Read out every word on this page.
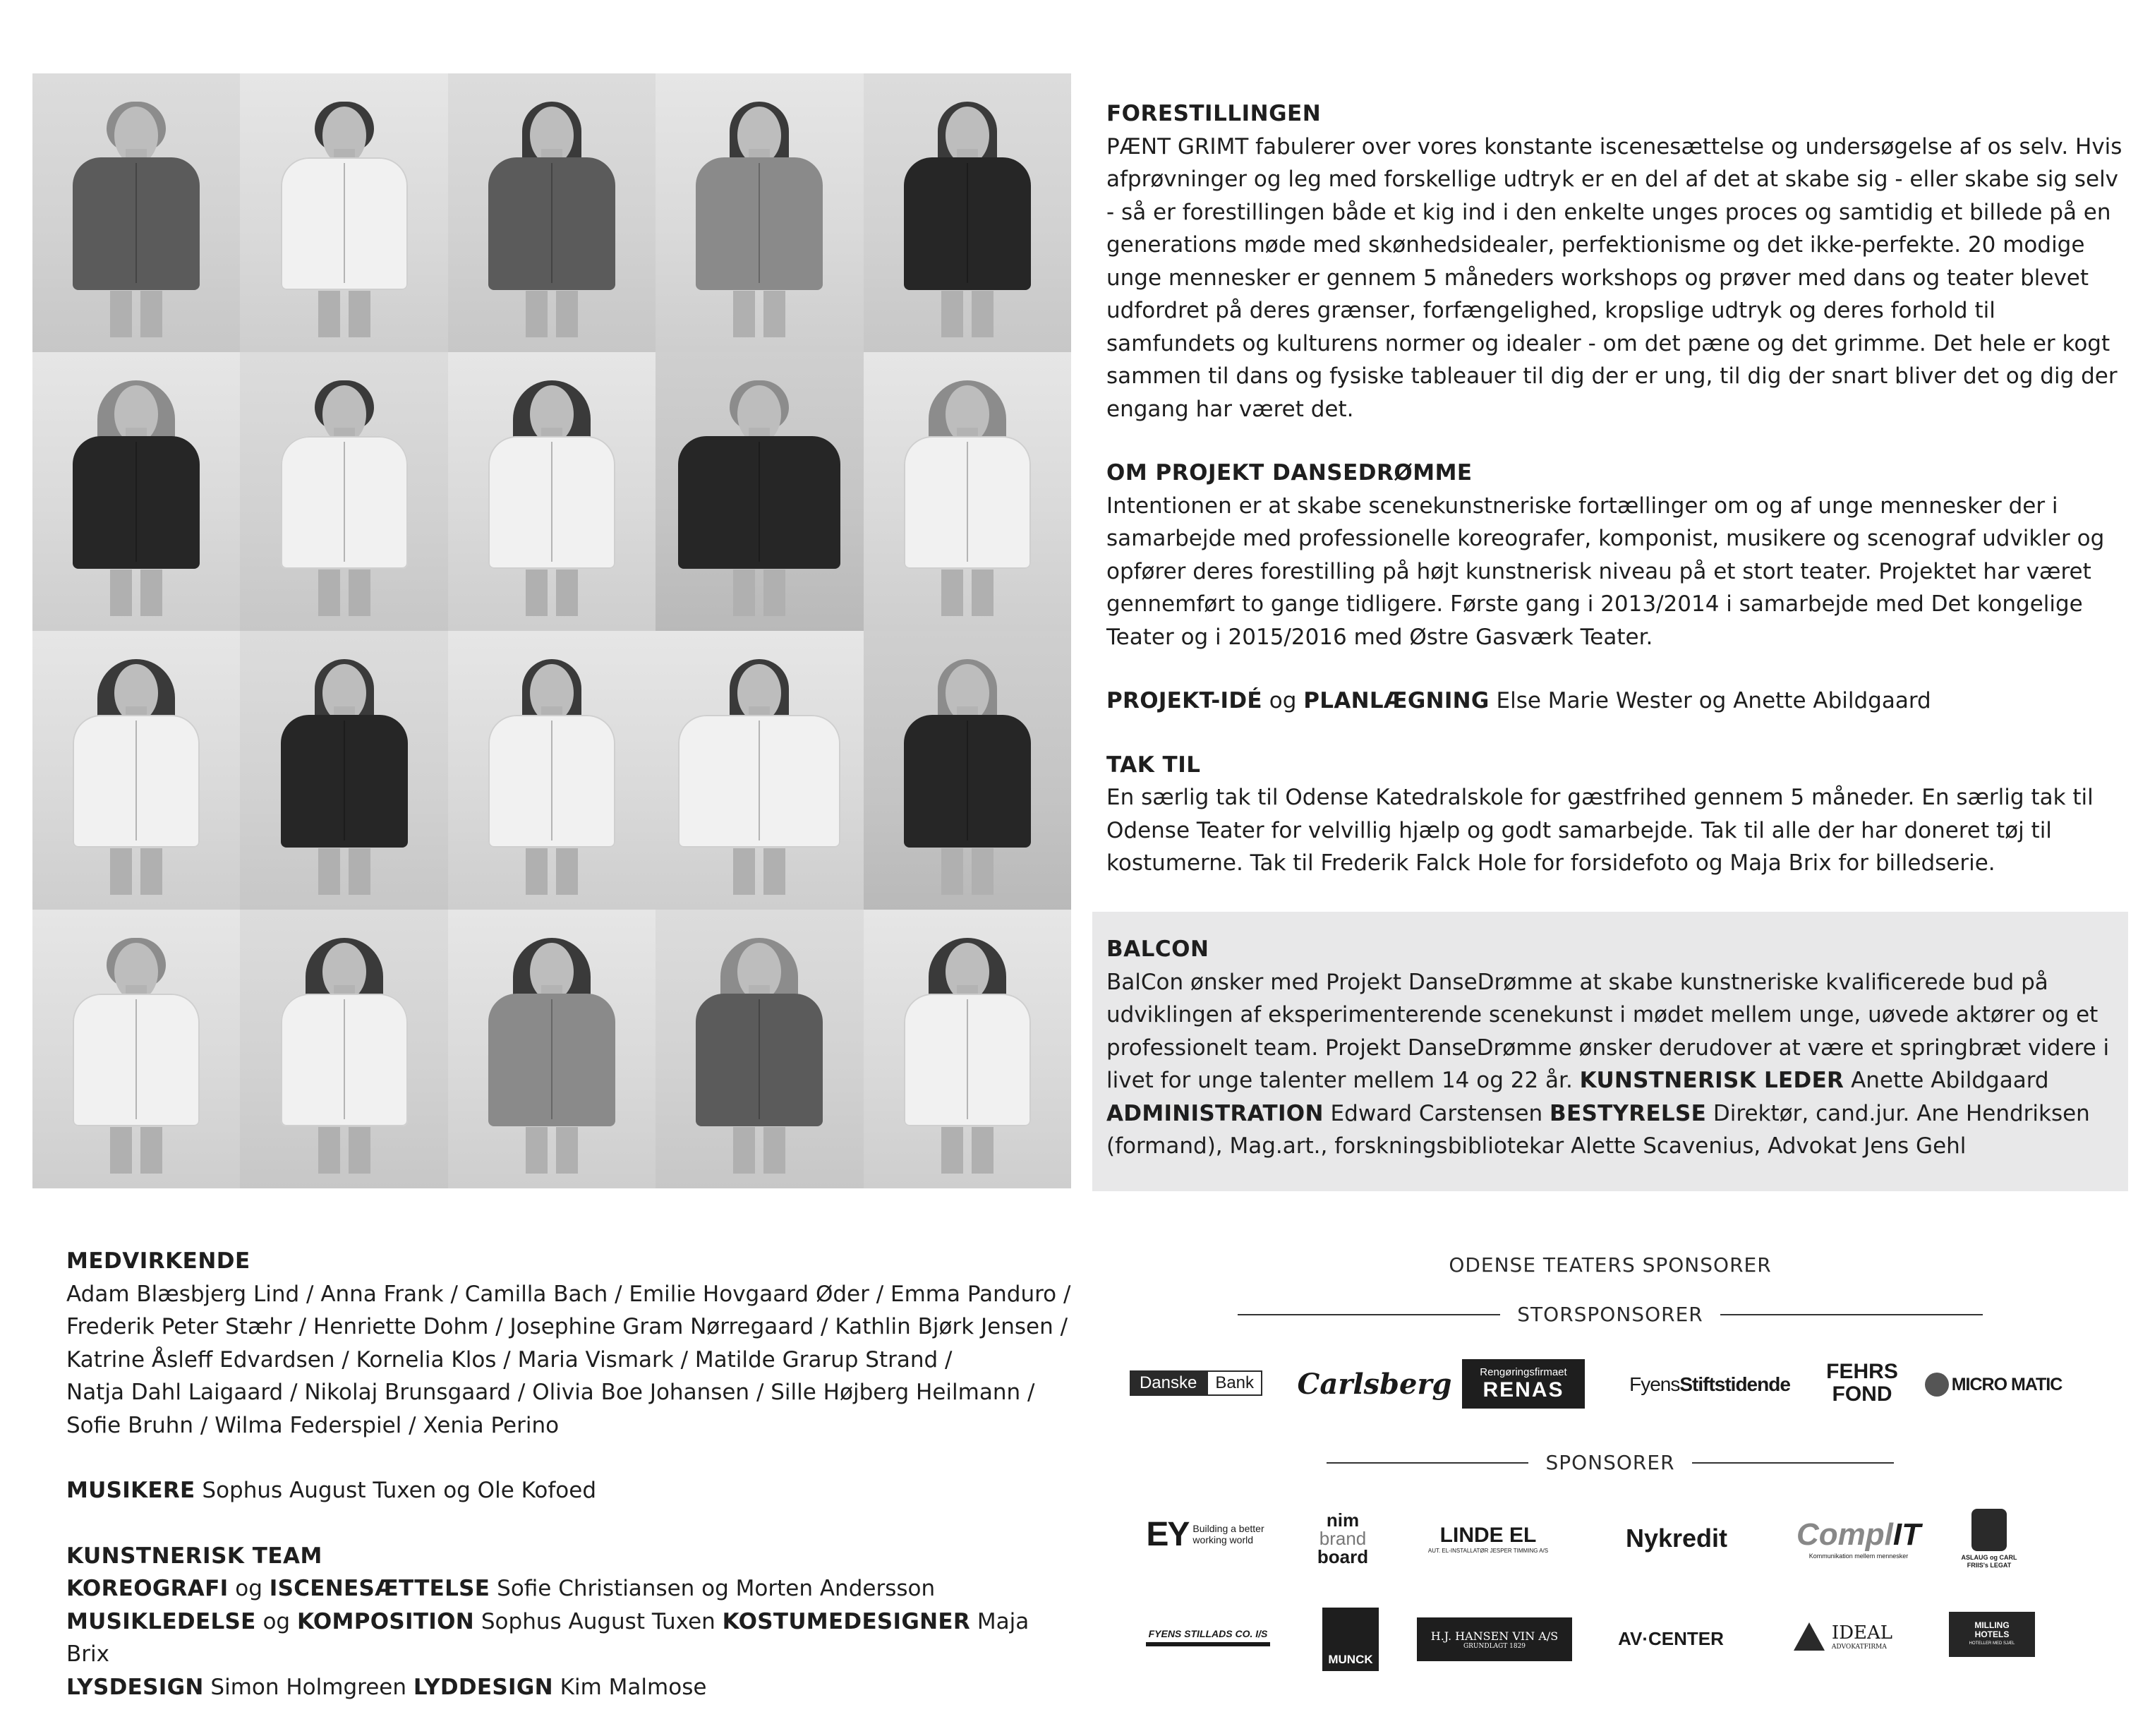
FORESTILLINGEN
PÆNT GRIMT fabulerer over vores konstante iscenesættelse og undersøgelse af os selv. Hvis afprøvninger og leg med forskellige udtryk er en del af det at skabe sig - eller skabe sig selv - så er forestillingen både et kig ind i den enkelte unges proces og samtidig et billede på en generations møde med skønhedsidealer, perfektionisme og det ikke-perfekte. 20 modige unge mennesker er gennem 5 måneders workshops og prøver med dans og teater blevet udfordret på deres grænser, forfængelighed, kropslige udtryk og deres forhold til samfundets og kulturens normer og idealer - om det pæne og det grimme. Det hele er kogt sammen til dans og fysiske tableauer til dig der er ung, til dig der snart bliver det og dig der engang har været det.
OM PROJEKT DANSEDRØMME
Intentionen er at skabe scenekunstneriske fortællinger om og af unge mennesker der i samarbejde med professionelle koreografer, komponist, musikere og scenograf udvikler og opfører deres forestilling på højt kunstnerisk niveau på et stort teater. Projektet har været gennemført to gange tidligere. Første gang i 2013/2014 i samarbejde med Det kongelige Teater og i 2015/2016 med Østre Gasværk Teater.
PROJEKT-IDÉ og PLANLÆGNING Else Marie Wester og Anette Abildgaard
TAK TIL
En særlig tak til Odense Katedralskole for gæstfrihed gennem 5 måneder. En særlig tak til Odense Teater for velvillig hjælp og godt samarbejde. Tak til alle der har doneret tøj til kostumerne. Tak til Frederik Falck Hole for forsidefoto og Maja Brix for billedserie.
BALCON
BalCon ønsker med Projekt DanseDrømme at skabe kunstneriske kvalificerede bud på udviklingen af eksperimenterende scenekunst i mødet mellem unge, uøvede aktører og et professionelt team. Projekt DanseDrømme ønsker derudover at være et springbræt videre i livet for unge talenter mellem 14 og 22 år. KUNSTNERISK LEDER Anette Abildgaard ADMINISTRATION Edward Carstensen BESTYRELSE Direktør, cand.jur. Ane Hendriksen (formand), Mag.art., forskningsbibliotekar Alette Scavenius, Advokat Jens Gehl
MEDVIRKENDE
Adam Blæsbjerg Lind / Anna Frank / Camilla Bach / Emilie Hovgaard Øder / Emma Panduro /
Frederik Peter Stæhr / Henriette Dohm / Josephine Gram Nørregaard / Kathlin Bjørk Jensen /
Katrine Åsleff Edvardsen / Kornelia Klos / Maria Vismark / Matilde Grarup Strand /
Natja Dahl Laigaard / Nikolaj Brunsgaard / Olivia Boe Johansen / Sille Højberg Heilmann /
Sofie Bruhn / Wilma Federspiel / Xenia Perino
MUSIKERE Sophus August Tuxen og Ole Kofoed
KUNSTNERISK TEAM
KOREOGRAFI og ISCENESÆTTELSE Sofie Christiansen og Morten Andersson
MUSIKLEDELSE og KOMPOSITION Sophus August Tuxen KOSTUMEDESIGNER Maja Brix
LYSDESIGN Simon Holmgreen LYDDESIGN Kim Malmose
ODENSE TEATERS SPONSORER
STORSPONSORER
Danske	Bank	Carlsberg	Rengøringsfirmaet
RENAS	Fyens Stiftstidende
FEHRS
FOND	MICRO MATIC
SPONSORER
EY Building a better
working world
nim
brand
board
LINDE EL
AUT. EL-INSTALLATØR JESPER TIMMING A/S	Nykredit	ComplIT
Kommunikation mellem mennesker	ASLAUG og CARL
FRIIS's LEGAT
FYENS STILLADS CO. I/S
MUNCK
H.J. HANSEN VIN A/S
GRUNDLAGT 1829	AV·CENTER	IDEAL
ADVOKATFIRMA
MILLING
HOTELS
HOTELLER MED SJÆL
